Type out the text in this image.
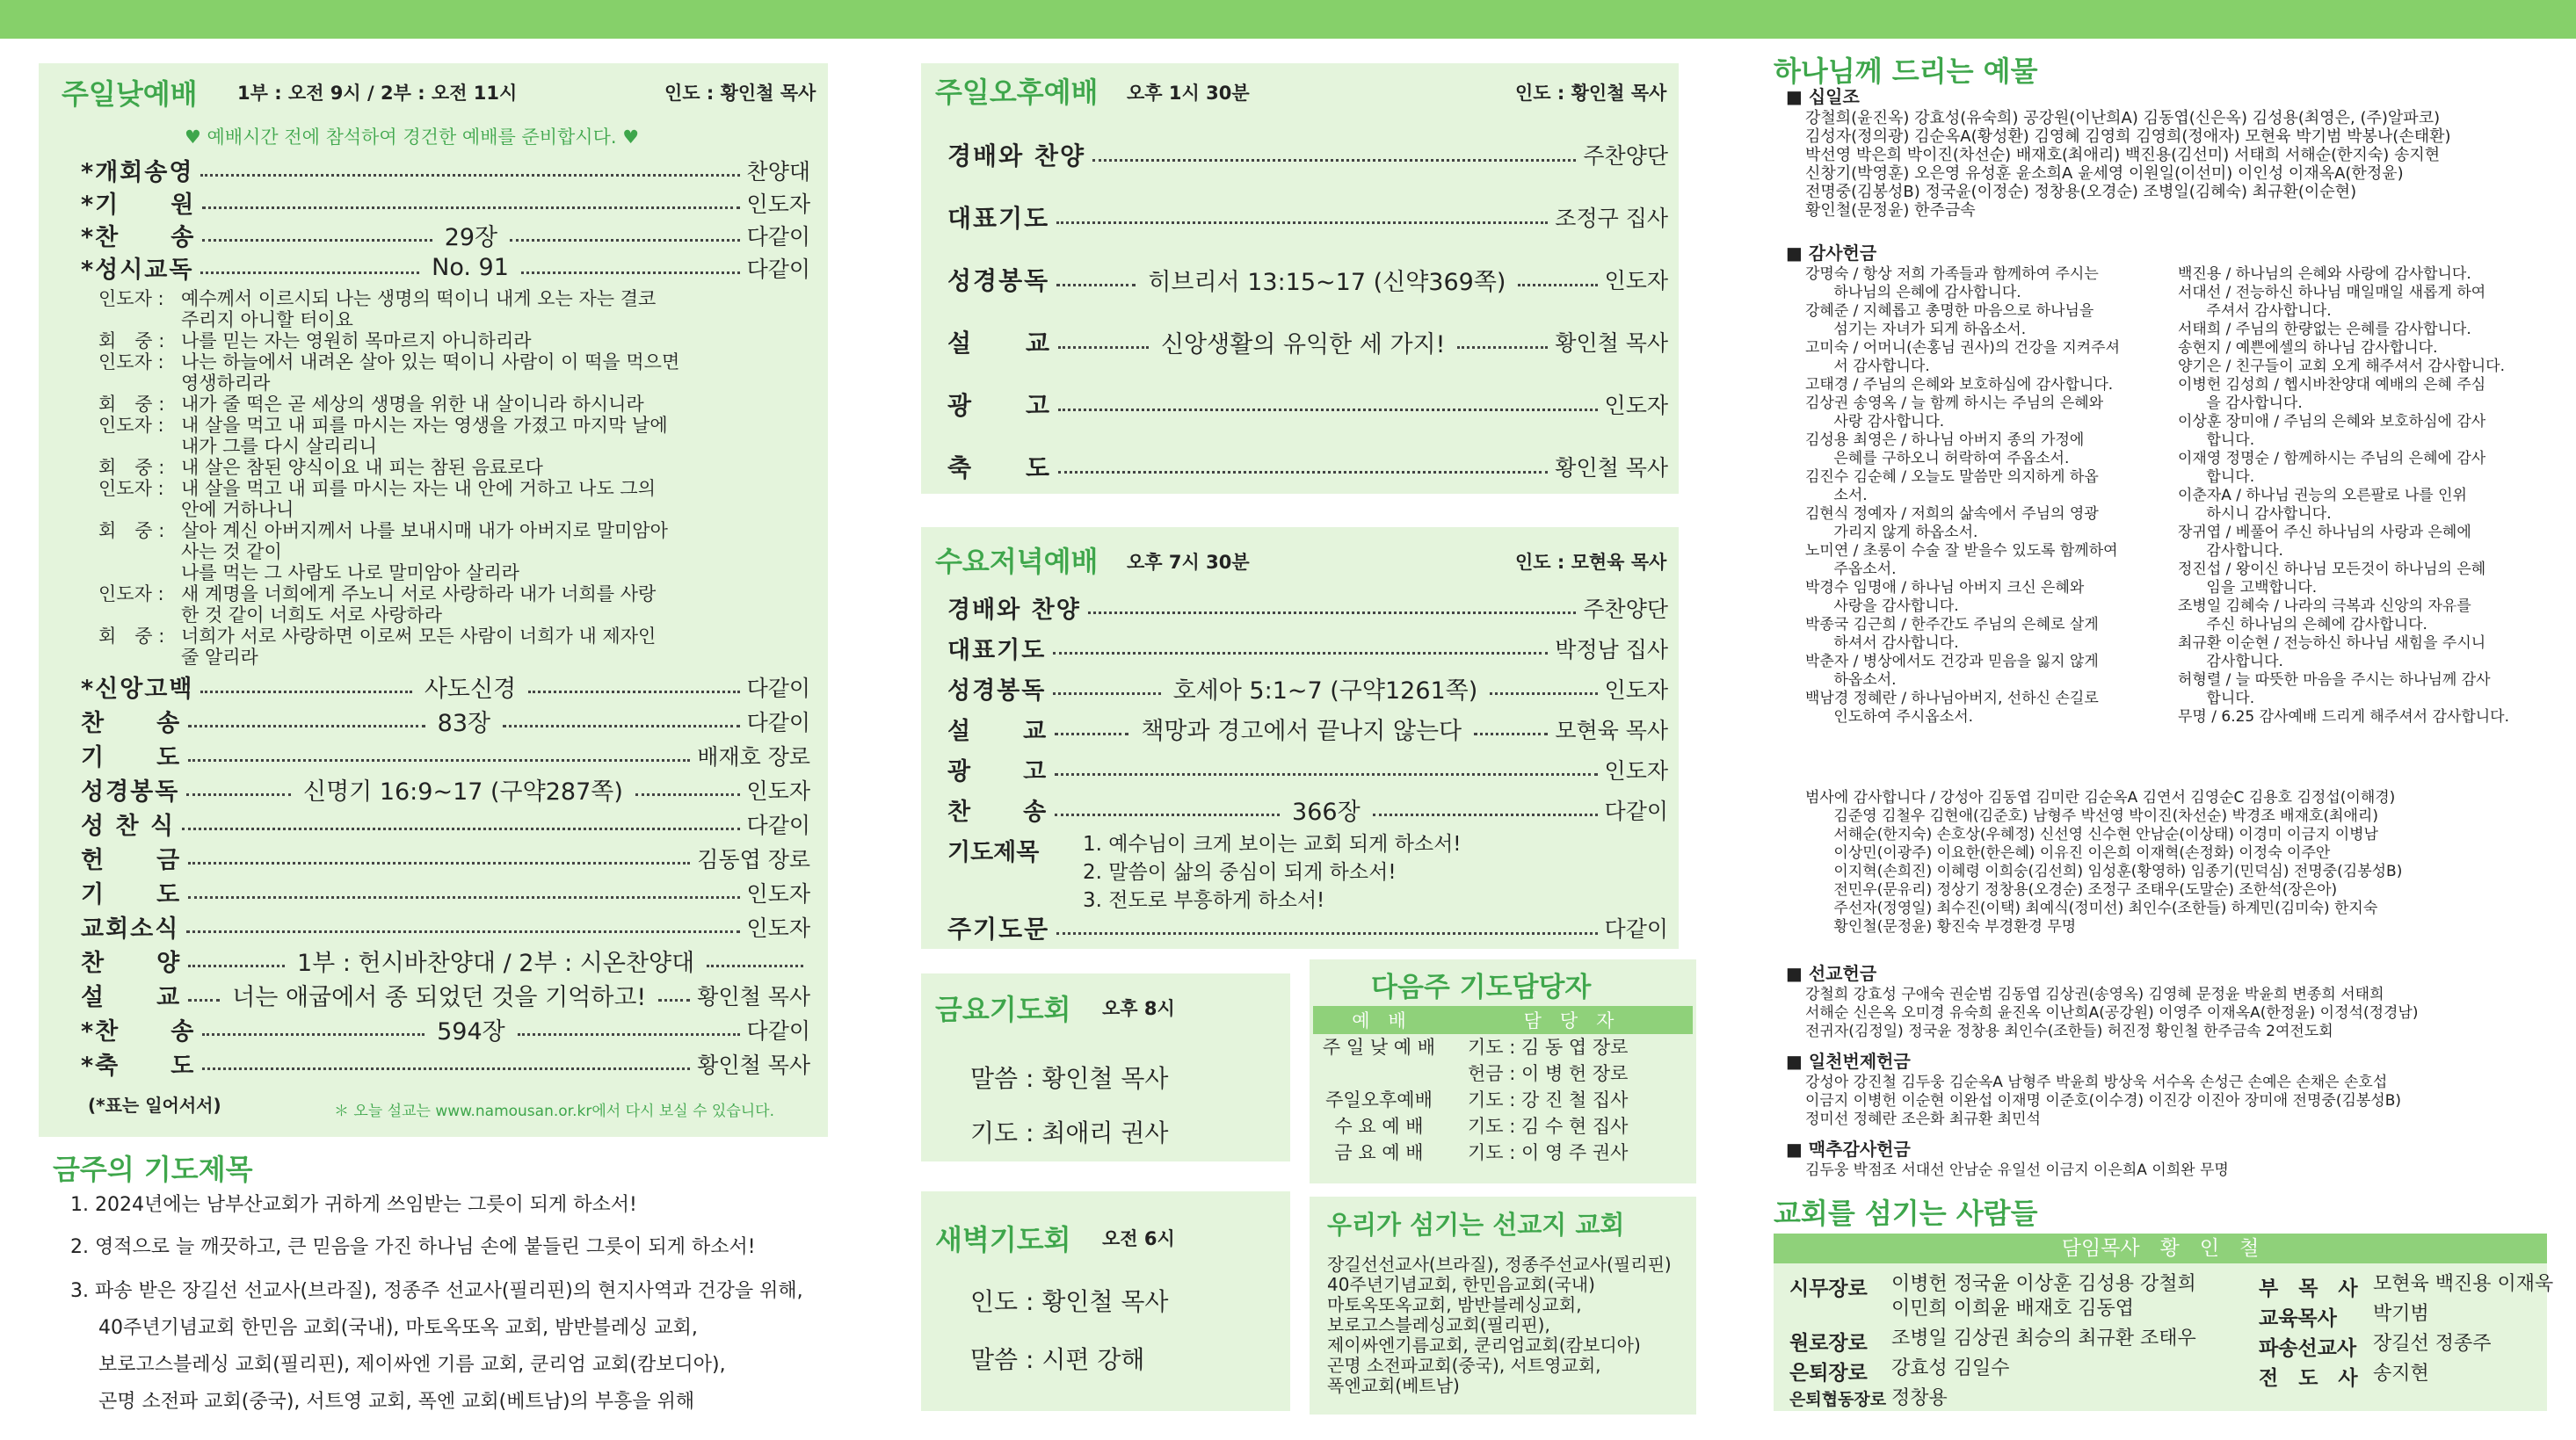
주일낮예배 1부 : 오전 9시 / 2부 : 오전 11시	인도 : 황인철 목사
♥ 예배시간 전에 참석하여 경건한 예배를 준비합시다. ♥
*개회송영	찬양대
*기　　원	인도자
*찬　　송	29장	다같이
*성시교독	No. 91	다같이
인도자 : 예수께서 이르시되 나는 생명의 떡이니 내게 오는 자는 결코
주리지 아니할 터이요
회　중 : 나를 믿는 자는 영원히 목마르지 아니하리라
인도자 : 나는 하늘에서 내려온 살아 있는 떡이니 사람이 이 떡을 먹으면
영생하리라
회　중 : 내가 줄 떡은 곧 세상의 생명을 위한 내 살이니라 하시니라
인도자 : 내 살을 먹고 내 피를 마시는 자는 영생을 가졌고 마지막 날에
내가 그를 다시 살리리니
회　중 : 내 살은 참된 양식이요 내 피는 참된 음료로다
인도자 : 내 살을 먹고 내 피를 마시는 자는 내 안에 거하고 나도 그의
안에 거하나니
회　중 : 살아 계신 아버지께서 나를 보내시매 내가 아버지로 말미암아
사는 것 같이
나를 먹는 그 사람도 나로 말미암아 살리라
인도자 : 새 계명을 너희에게 주노니 서로 사랑하라 내가 너희를 사랑
한 것 같이 너희도 서로 사랑하라
회　중 : 너희가 서로 사랑하면 이로써 모든 사람이 너희가 내 제자인
줄 알리라
*신앙고백	사도신경	다같이
찬　　송	83장	다같이
기　　도	배재호 장로
성경봉독	신명기 16:9~17 (구약287쪽)	인도자
성 찬 식	다같이
헌　　금	김동엽 장로
기　　도	인도자
교회소식	인도자
찬　　양	1부 : 헌시바찬양대 / 2부 : 시온찬양대
설　　교 너는 애굽에서 종 되었던 것을 기억하고! 황인철 목사
*찬　　송	594장	다같이
*축　　도	황인철 목사
(*표는 일어서서)	＊ 오늘 설교는 www.namousan.or.kr에서 다시 보실 수 있습니다.
금주의 기도제목
1. 2024년에는 남부산교회가 귀하게 쓰임받는 그릇이 되게 하소서!
2. 영적으로 늘 깨끗하고, 큰 믿음을 가진 하나님 손에 붙들린 그릇이 되게 하소서!
3. 파송 받은 장길선 선교사(브라질), 정종주 선교사(필리핀)의 현지사역과 건강을 위해,
40주년기념교회 한민음 교회(국내), 마토옥또옥 교회, 밤반블레싱 교회,
보로고스블레싱 교회(필리핀), 제이싸엔 기름 교회, 쿤리엄 교회(캄보디아),
곤명 소전파 교회(중국), 서트영 교회, 폭엔 교회(베트남)의 부흥을 위해
주일오후예배 오후 1시 30분	인도 : 황인철 목사
경배와 찬양	주찬양단
대표기도	조정구 집사
성경봉독	히브리서 13:15~17 (신약369쪽)	인도자
설　　교	신앙생활의 유익한 세 가지!	황인철 목사
광　　고	인도자
축　　도	황인철 목사
수요저녁예배 오후 7시 30분	인도 : 모현육 목사
경배와 찬양	주찬양단
대표기도	박정남 집사
성경봉독	호세아 5:1~7 (구약1261쪽)	인도자
설　　교	책망과 경고에서 끝나지 않는다	모현육 목사
광　　고	인도자
찬　　송	366장	다같이
기도제목 1. 예수님이 크게 보이는 교회 되게 하소서!
2. 말씀이 삶의 중심이 되게 하소서!
3. 전도로 부흥하게 하소서!
주기도문	다같이
금요기도회 오후 8시
말씀 : 황인철 목사
기도 : 최애리 권사
새벽기도회 오전 6시
인도 : 황인철 목사
말씀 : 시편 강해
다음주 기도담당자
예　배	담　당　자
주 일 낮 예 배	기도 : 김 동 엽 장로
헌금 : 이 병 헌 장로
주일오후예배	기도 : 강 진 철 집사
수 요 예 배	기도 : 김 수 현 집사
금 요 예 배	기도 : 이 영 주 권사
우리가 섬기는 선교지 교회
장길선선교사(브라질), 정종주선교사(필리핀)
40주년기념교회, 한민음교회(국내)
마토옥또옥교회, 밤반블레싱교회,
보로고스블레싱교회(필리핀),
제이싸엔기름교회, 쿤리엄교회(캄보디아)
곤명 소전파교회(중국), 서트영교회,
폭엔교회(베트남)
하나님께 드리는 예물
■ 십일조
강철희(윤진옥) 강효성(유숙희) 공강원(이난희A) 김동엽(신은옥) 김성용(최영은, (주)알파코)
김성자(정의광) 김순옥A(황성환) 김영혜 김영희 김영희(정애자) 모현육 박기범 박봉나(손태환)
박선영 박은희 박이진(차선순) 배재호(최애리) 백진용(김선미) 서태희 서해순(한지숙) 송지현
신창기(박영훈) 오은영 유성훈 윤소희A 윤세영 이원일(이선미) 이인성 이재옥A(한정윤)
전명중(김봉성B) 정국윤(이정순) 정창용(오경순) 조병일(김혜숙) 최규환(이순현)
황인철(문정윤) 한주금속
■ 감사헌금
강명숙 / 항상 저희 가족들과 함께하여 주시는
하나님의 은혜에 감사합니다.
강혜준 / 지혜롭고 총명한 마음으로 하나님을
섬기는 자녀가 되게 하옵소서.
고미숙 / 어머니(손홍님 권사)의 건강을 지켜주셔
서 감사합니다.
고태경 / 주님의 은혜와 보호하심에 감사합니다.
김상권 송영옥 / 늘 함께 하시는 주님의 은혜와
사랑 감사합니다.
김성용 최영은 / 하나님 아버지 종의 가정에
은혜를 구하오니 허락하여 주옵소서.
김진수 김순혜 / 오늘도 말씀만 의지하게 하옵
소서.
김현식 정예자 / 저희의 삶속에서 주님의 영광
가리지 않게 하옵소서.
노미연 / 초롱이 수술 잘 받을수 있도록 함께하여
주옵소서.
박경수 임명애 / 하나님 아버지 크신 은혜와
사랑을 감사합니다.
박종국 김근희 / 한주간도 주님의 은혜로 살게
하셔서 감사합니다.
박춘자 / 병상에서도 건강과 믿음을 잃지 않게
하옵소서.
백남경 정혜란 / 하나님아버지, 선하신 손길로
인도하여 주시옵소서.
백진용 / 하나님의 은혜와 사랑에 감사합니다.
서대선 / 전능하신 하나님 매일매일 새롭게 하여
주셔서 감사합니다.
서태희 / 주님의 한량없는 은혜를 감사합니다.
송현지 / 예쁜에셀의 하나님 감사합니다.
양기은 / 친구들이 교회 오게 해주셔서 감사합니다.
이병헌 김성희 / 헵시바찬양대 예배의 은혜 주심
을 감사합니다.
이상훈 장미애 / 주님의 은혜와 보호하심에 감사
합니다.
이재영 정명순 / 함께하시는 주님의 은혜에 감사
합니다.
이춘자A / 하나님 권능의 오른팔로 나를 인위
하시니 감사합니다.
장귀엽 / 베풀어 주신 하나님의 사랑과 은혜에
감사합니다.
정진섭 / 왕이신 하나님 모든것이 하나님의 은혜
임을 고백합니다.
조병일 김혜숙 / 나라의 극복과 신앙의 자유를
주신 하나님의 은혜에 감사합니다.
최규환 이순현 / 전능하신 하나님 새힘을 주시니
감사합니다.
허형렬 / 늘 따뜻한 마음을 주시는 하나님께 감사
합니다.
무명 / 6.25 감사예배 드리게 해주셔서 감사합니다.
범사에 감사합니다 / 강성아 김동엽 김미란 김순옥A 김연서 김영순C 김용호 김정섭(이해경)
김준영 김철우 김현애(김준호) 남형주 박선영 박이진(차선순) 박경조 배재호(최애리)
서해순(한지숙) 손호상(우혜정) 신선영 신수현 안남순(이상태) 이경미 이금지 이병남
이상민(이광주) 이요한(한은혜) 이유진 이은희 이재혁(손정화) 이정숙 이주안
이지혁(손희진) 이혜령 이희숭(김선희) 임성훈(황영하) 임종기(민덕심) 전명중(김봉성B)
전민우(문유리) 정상기 정창용(오경순) 조정구 조태우(도말순) 조한석(장은아)
주선자(정영일) 최수진(이택) 최예식(정미선) 최인수(조한들) 하계민(김미숙) 한지숙
황인철(문정윤) 황진숙 부경환경 무명
■ 선교헌금
강철희 강효성 구애숙 권순범 김동엽 김상권(송영옥) 김영혜 문정윤 박윤희 변종희 서태희
서해순 신은옥 오미경 유숙희 윤진옥 이난희A(공강원) 이영주 이재옥A(한정윤) 이정석(정경남)
전귀자(김정일) 정국윤 정창용 최인수(조한들) 허진정 황인철 한주금속 2여전도회
■ 일천번제헌금
강성아 강진철 김두웅 김순옥A 남형주 박윤희 방상욱 서수옥 손성근 손예은 손채은 손호섭
이금지 이병헌 이순현 이완섭 이재명 이준호(이수경) 이진강 이진아 장미애 전명중(김봉성B)
정미선 정혜란 조은화 최규환 최민석
■ 맥추감사헌금
김두웅 박점조 서대선 안남순 유일선 이금지 이은희A 이희완 무명
교회를 섬기는 사람들
담임목사　황　인　철
시무장로 이병헌 정국윤 이상훈 김성용 강철희
이민희 이희윤 배재호 김동엽
원로장로 조병일 김상권 최승의 최규환 조태우
은퇴장로 강효성 김일수
은퇴협동장로 정창용
부　목　사 모현육 백진용 이재욱
교육목사 박기범
파송선교사 장길선 정종주
전　도　사 송지현
